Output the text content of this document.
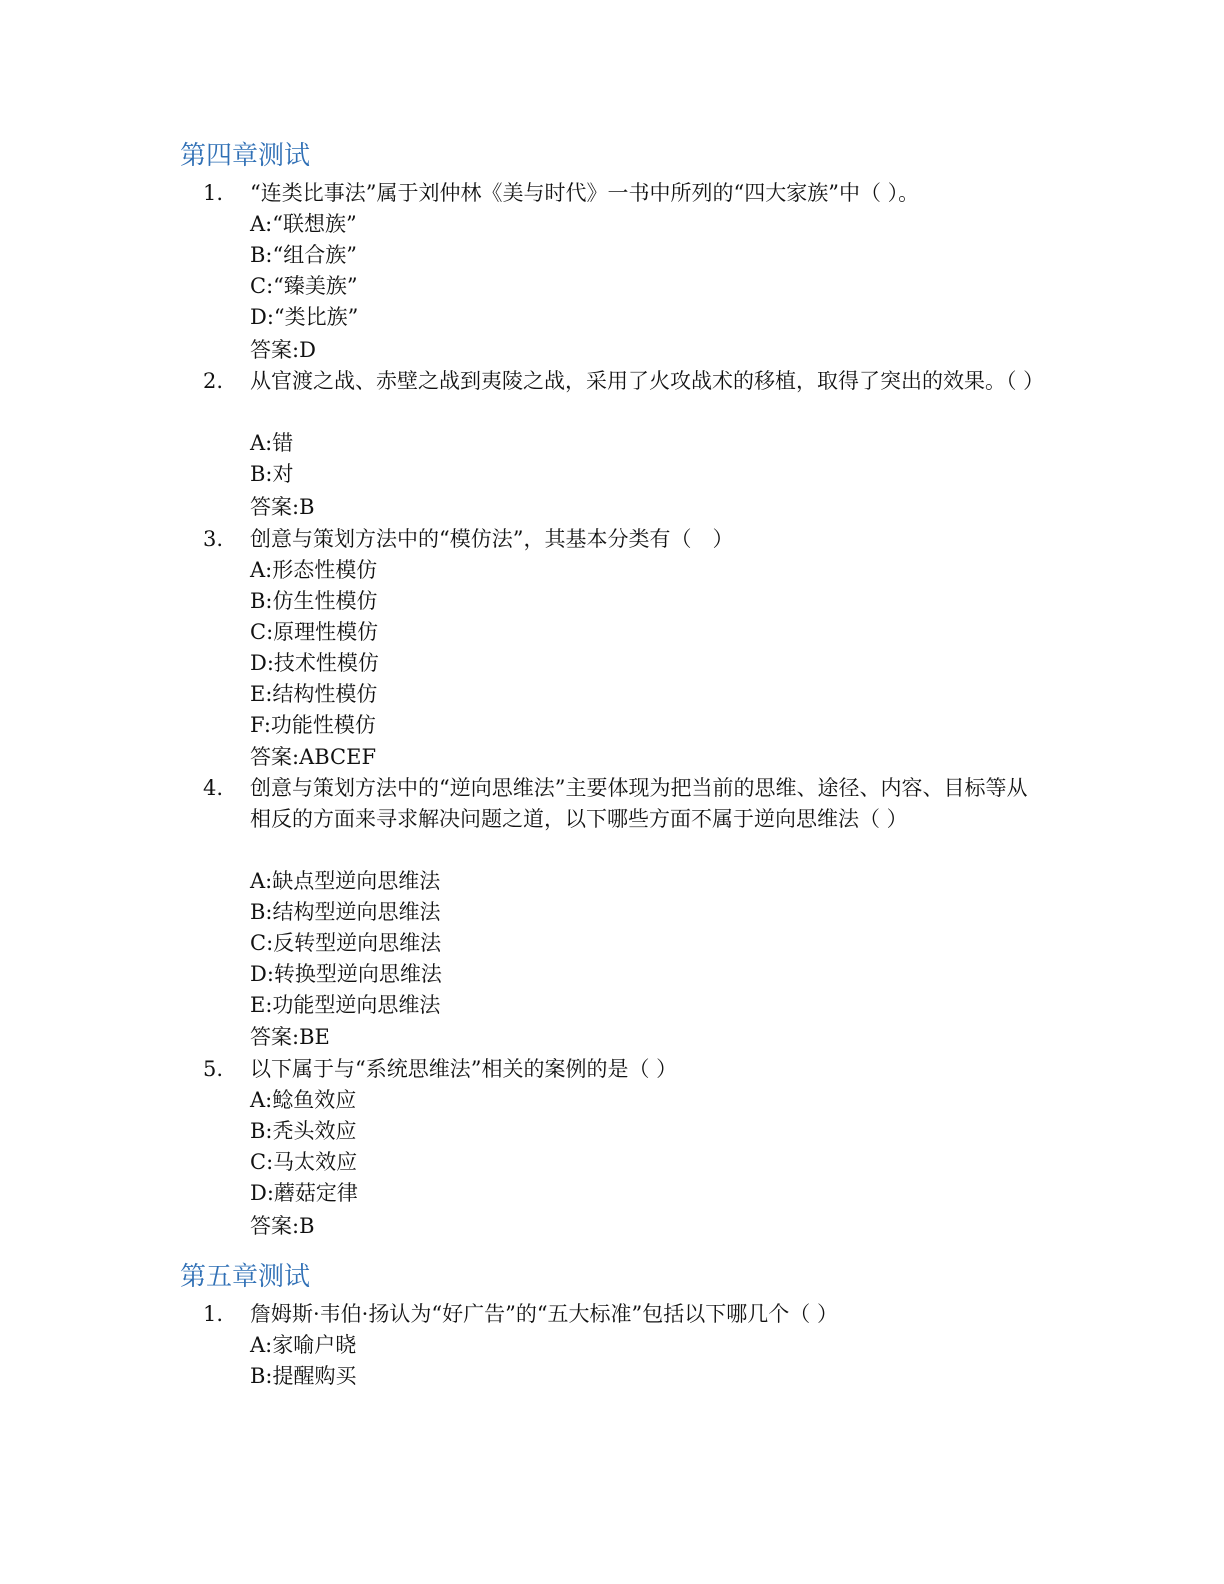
第四章测试
1. “连类比事法”属于刘仲林《美与时代》一书中所列的“四大家族”中（ ）。

A:“联想族”
B:“组合族”
C:“臻美族”
D:“类比族”
答案:D
2. 从官渡之战、赤壁之战到夷陵之战，采用了火攻战术的移植，取得了突出的效果。（ ）

A:错
B:对
答案:B
3. 创意与策划方法中的“模仿法”，其基本分类有（　）

A:形态性模仿
B:仿生性模仿
C:原理性模仿
D:技术性模仿
E:结构性模仿
F:功能性模仿
答案:ABCEF
4. 创意与策划方法中的“逆向思维法”主要体现为把当前的思维、途径、内容、目标等从相反的方面来寻求解决问题之道，以下哪些方面不属于逆向思维法（ ）

A:缺点型逆向思维法
B:结构型逆向思维法
C:反转型逆向思维法
D:转换型逆向思维法
E:功能型逆向思维法
答案:BE
5. 以下属于与“系统思维法”相关的案例的是（ ）

A:鲶鱼效应
B:秃头效应
C:马太效应
D:蘑菇定律
答案:B
第五章测试
1. 詹姆斯·韦伯·扬认为“好广告”的“五大标准”包括以下哪几个（ ）

A:家喻户晓
B:提醒购买
